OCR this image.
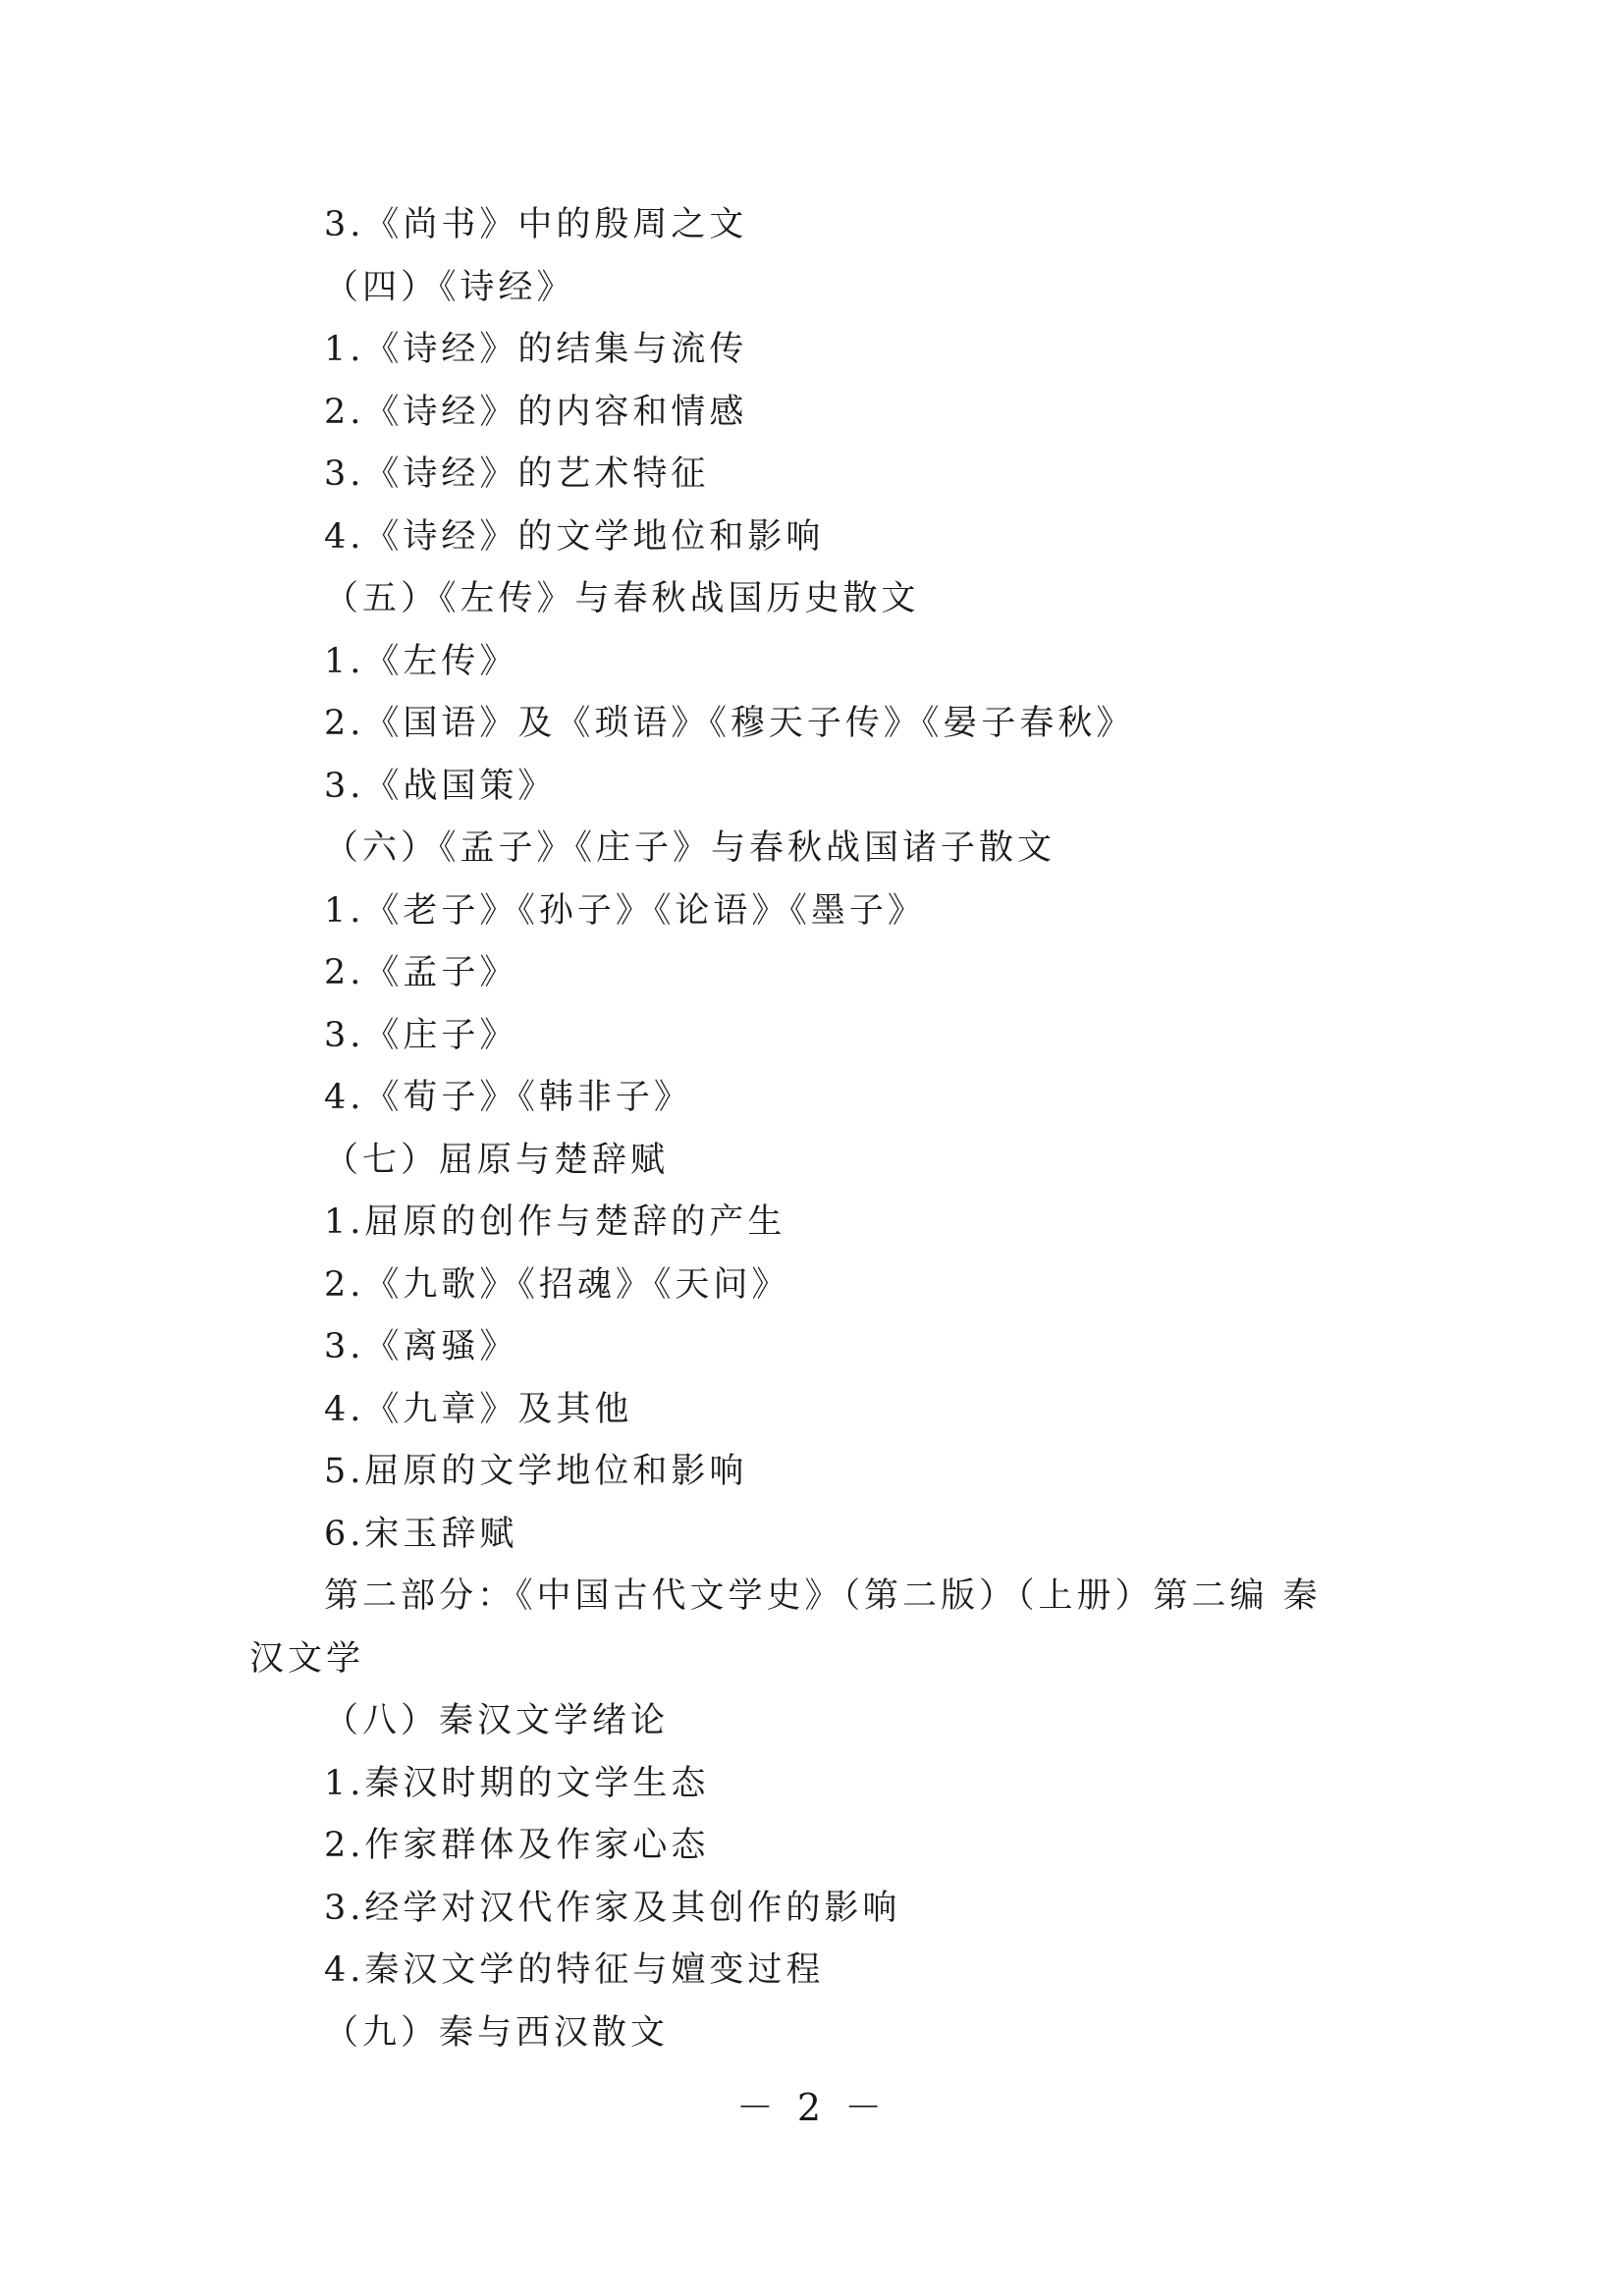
3.《尚书》中的殷周之文
（四）《诗经》
1.《诗经》的结集与流传
2.《诗经》的内容和情感
3.《诗经》的艺术特征
4.《诗经》的文学地位和影响
（五）《左传》与春秋战国历史散文
1.《左传》
2.《国语》及《琐语》《穆天子传》《晏子春秋》
3.《战国策》
（六）《孟子》《庄子》与春秋战国诸子散文
1.《老子》《孙子》《论语》《墨子》
2.《孟子》
3.《庄子》
4.《荀子》《韩非子》
（七）屈原与楚辞赋
1.屈原的创作与楚辞的产生
2.《九歌》《招魂》《天问》
3.《离骚》
4.《九章》及其他
5.屈原的文学地位和影响
6.宋玉辞赋
第二部分：《中国古代文学史》（第二版）（上册）第二编 秦
汉文学
（八）秦汉文学绪论
1.秦汉时期的文学生态
2.作家群体及作家心态
3.经学对汉代作家及其创作的影响
4.秦汉文学的特征与嬗变过程
（九）秦与西汉散文
－ 2 －
